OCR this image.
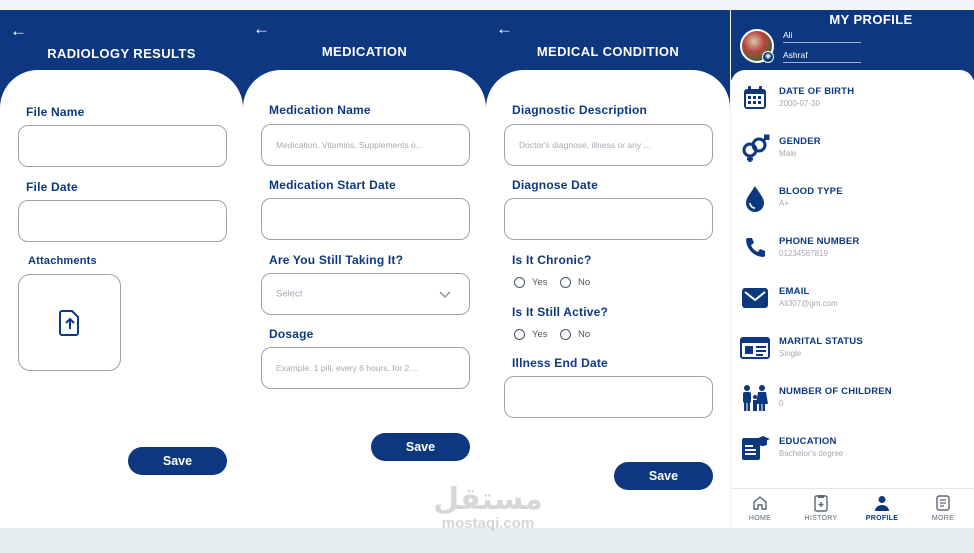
←
RADIOLOGY RESULTS
File Name
File Date
Attachments
Save
←
MEDICATION
Medication Name
Medication, Vitamins, Supplements o...
Medication Start Date
Are You Still Taking It?
Select
Dosage
Example: 1 pill, every 6 hours, for 2 ...
Save
←
MEDICAL CONDITION
Diagnostic Description
Doctor's diagnose, illness or any ...
Diagnose Date
Is It Chronic?
Yes	No
Is It Still Active?
Yes	No
Illness End Date
Save
MY PROFILE
◉
Ali
Ashraf
DATE OF BIRTH
2000-07-30
GENDER
Male
BLOOD TYPE
A+
PHONE NUMBER
01234567819
EMAIL
Ali307@gm.com
MARITAL STATUS
Single
NUMBER OF CHILDREN
0
EDUCATION
Bachelor's degree
HOME	HISTORY	PROFILE	MORE
مستقل
mostaqi.com
